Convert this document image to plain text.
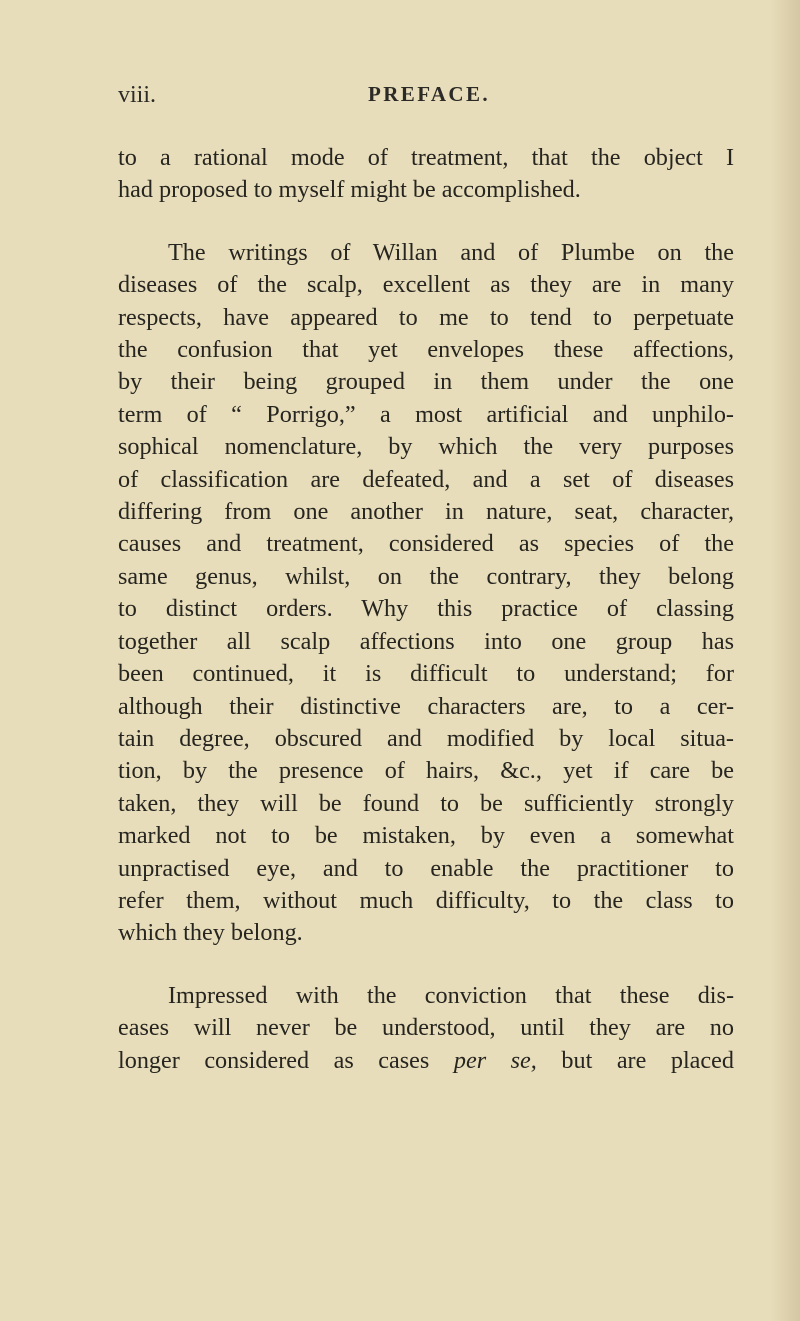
viii.	PREFACE.

to a rational mode of treatment, that the object I
had proposed to myself might be accomplished.

The writings of Willan and of Plumbe on the
diseases of the scalp, excellent as they are in many
respects, have appeared to me to tend to perpetuate
the confusion that yet envelopes these affections,
by their being grouped in them under the one
term of “ Porrigo,” a most artificial and unphilo-
sophical nomenclature, by which the very purposes
of classification are defeated, and a set of diseases
differing from one another in nature, seat, character,
causes and treatment, considered as species of the
same genus, whilst, on the contrary, they belong
to distinct orders. Why this practice of classing
together all scalp affections into one group has
been continued, it is difficult to understand; for
although their distinctive characters are, to a cer-
tain degree, obscured and modified by local situa-
tion, by the presence of hairs, &c., yet if care be
taken, they will be found to be sufficiently strongly
marked not to be mistaken, by even a somewhat
unpractised eye, and to enable the practitioner to
refer them, without much difficulty, to the class to
which they belong.

Impressed with the conviction that these dis-
eases will never be understood, until they are no
longer considered as cases per se, but are placed
